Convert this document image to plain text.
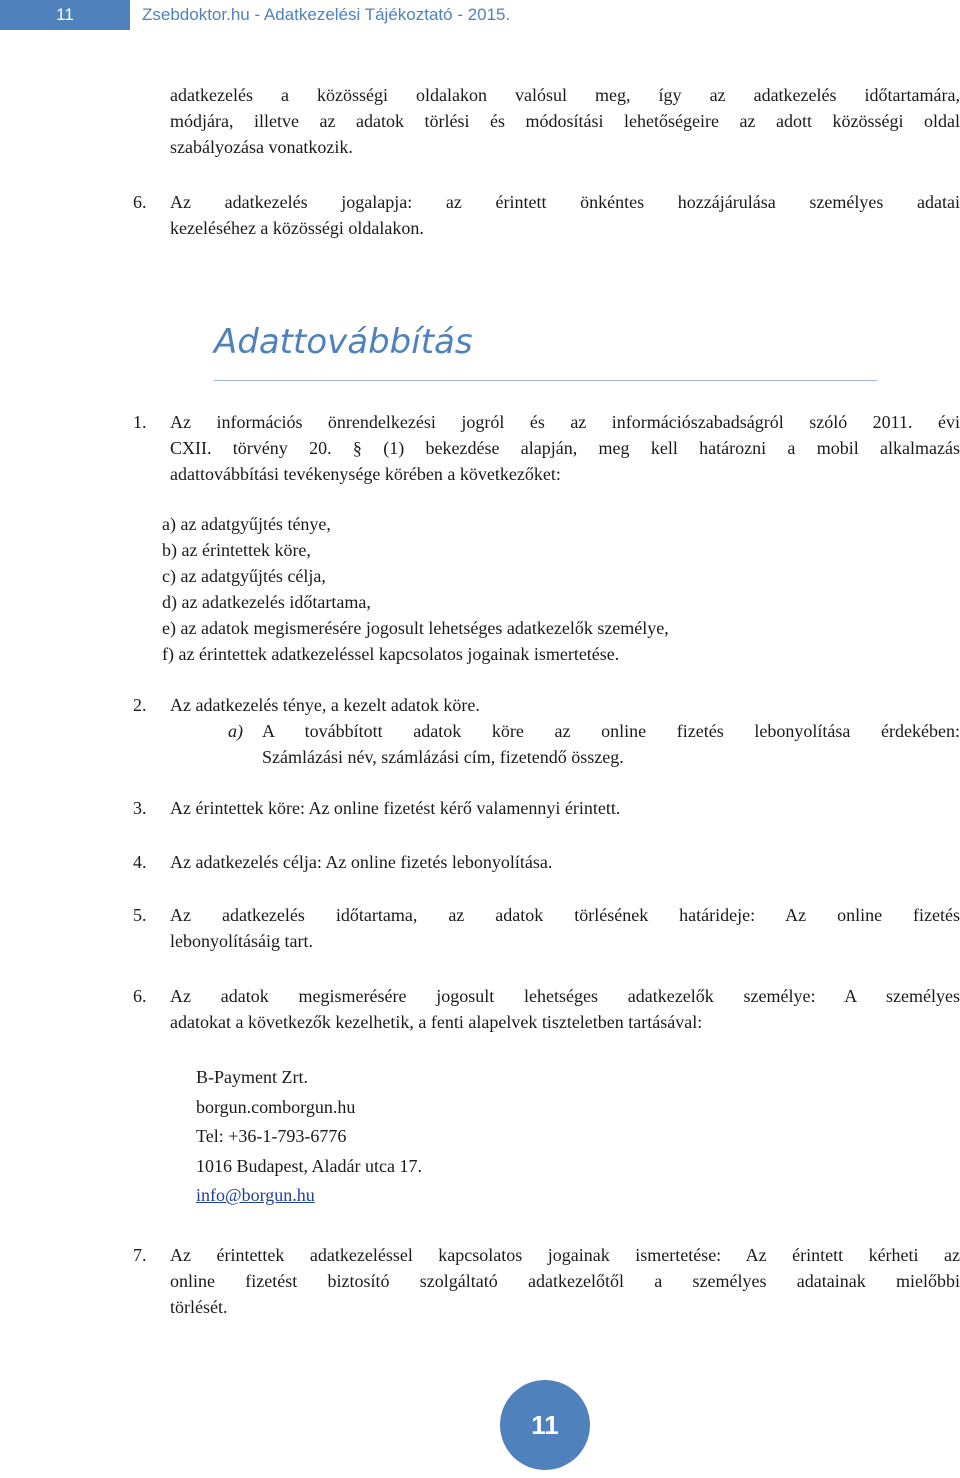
11	Zsebdoktor.hu - Adatkezelési Tájékoztató - 2015.
adatkezelés a közösségi oldalakon valósul meg, így az adatkezelés időtartamára,
módjára, illetve az adatok törlési és módosítási lehetőségeire az adott közösségi oldal
szabályozása vonatkozik.
6. Az adatkezelés jogalapja: az érintett önkéntes hozzájárulása személyes adatai
kezeléséhez a közösségi oldalakon.
Adattovábbítás
1. Az információs önrendelkezési jogról és az információszabadságról szóló 2011. évi
CXII. törvény 20. § (1) bekezdése alapján, meg kell határozni a mobil alkalmazás
adattovábbítási tevékenysége körében a következőket:
a) az adatgyűjtés ténye,
b) az érintettek köre,
c) az adatgyűjtés célja,
d) az adatkezelés időtartama,
e) az adatok megismerésére jogosult lehetséges adatkezelők személye,
f) az érintettek adatkezeléssel kapcsolatos jogainak ismertetése.
2. Az adatkezelés ténye, a kezelt adatok köre.
a) A továbbított adatok köre az online fizetés lebonyolítása érdekében:
Számlázási név, számlázási cím, fizetendő összeg.
3. Az érintettek köre: Az online fizetést kérő valamennyi érintett.
4. Az adatkezelés célja: Az online fizetés lebonyolítása.
5. Az adatkezelés időtartama, az adatok törlésének határideje: Az online fizetés
lebonyolításáig tart.
6. Az adatok megismerésére jogosult lehetséges adatkezelők személye: A személyes
adatokat a következők kezelhetik, a fenti alapelvek tiszteletben tartásával:
B-Payment Zrt.
borgun.comborgun.hu
Tel: +36-1-793-6776
1016 Budapest, Aladár utca 17.
info@borgun.hu
7. Az érintettek adatkezeléssel kapcsolatos jogainak ismertetése: Az érintett kérheti az
online fizetést biztosító szolgáltató adatkezelőtől a személyes adatainak mielőbbi
törlését.
11
